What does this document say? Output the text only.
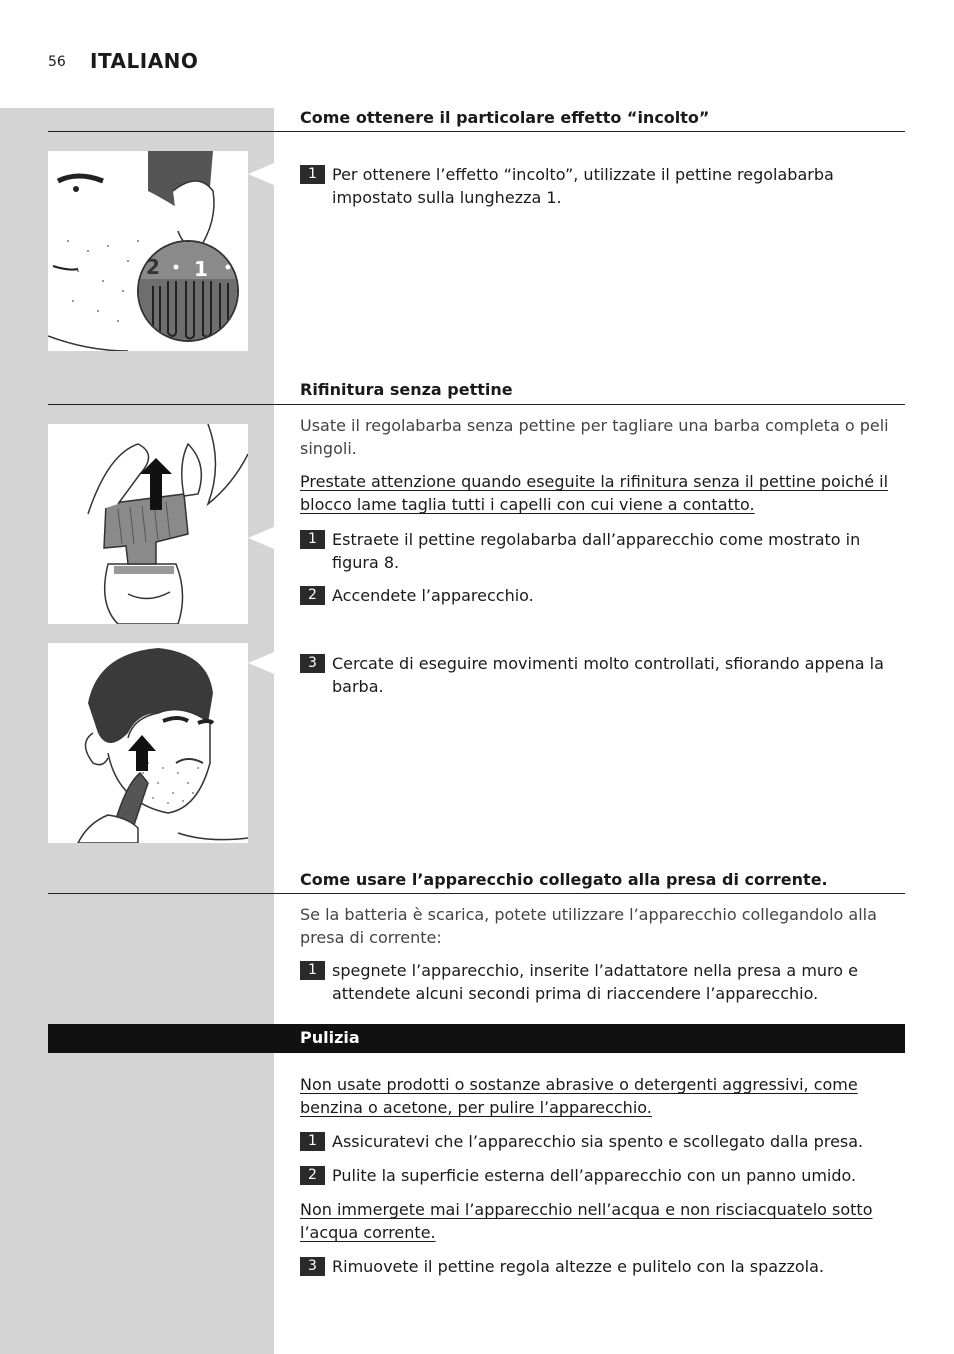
56 ITALIANO
Come ottenere il particolare effetto “incolto”
2 1
1 Per ottenere l’effetto “incolto”, utilizzate il pettine regolabarba impostato sulla lunghezza 1.
Rifinitura senza pettine
Usate il regolabarba senza pettine per tagliare una barba completa o peli singoli.
Prestate attenzione quando eseguite la rifinitura senza il pettine poiché il blocco lame taglia tutti i capelli con cui viene a contatto.
1 Estraete il pettine regolabarba dall’apparecchio come mostrato in figura 8.
2 Accendete l’apparecchio.
3 Cercate di eseguire movimenti molto controllati, sfiorando appena la barba.
Come usare l’apparecchio collegato alla presa di corrente.
Se la batteria è scarica, potete utilizzare l’apparecchio collegandolo alla presa di corrente:
1 spegnete l’apparecchio, inserite l’adattatore nella presa a muro e attendete alcuni secondi prima di riaccendere l’apparecchio.
Pulizia
Non usate prodotti o sostanze abrasive o detergenti aggressivi, come benzina o acetone, per pulire l’apparecchio.
1 Assicuratevi che l’apparecchio sia spento e scollegato dalla presa.
2 Pulite la superficie esterna dell’apparecchio con un panno umido.
Non immergete mai l’apparecchio nell’acqua e non risciacquatelo sotto l’acqua corrente.
3 Rimuovete il pettine regola altezze e pulitelo con la spazzola.
